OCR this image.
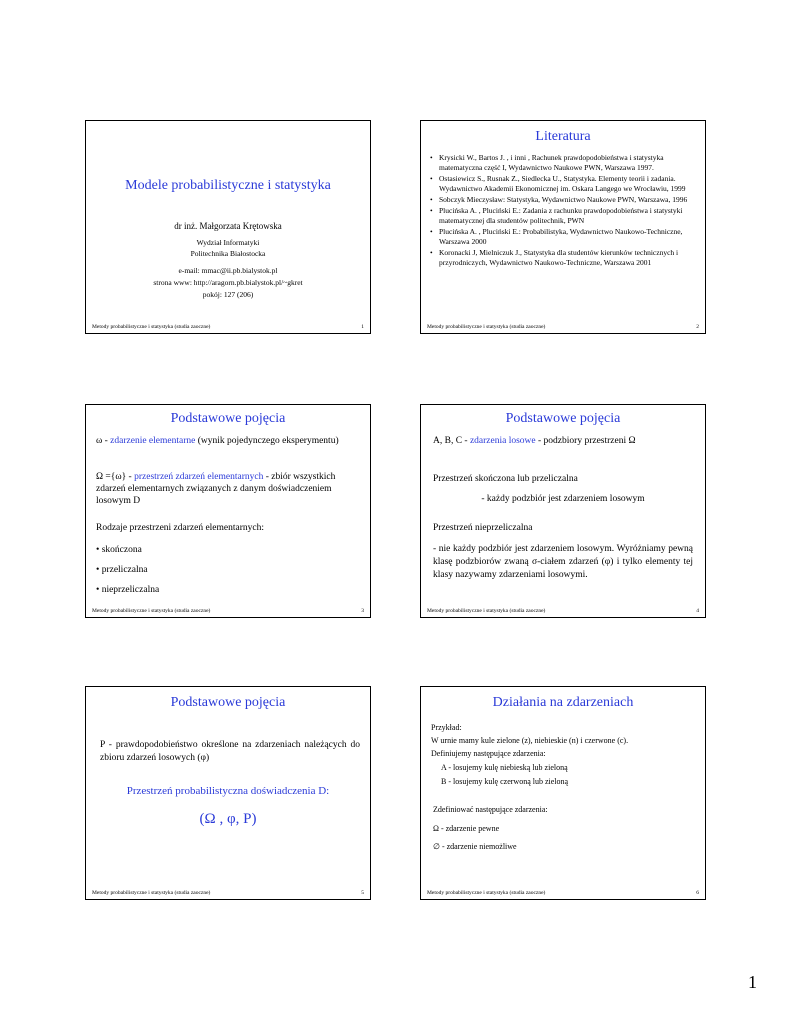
Modele probabilistyczne i statystyka
dr inż. Małgorzata Krętowska
Wydział Informatyki
Politechnika Białostocka
e-mail: mmac@ii.pb.bialystok.pl
strona www: http://aragorn.pb.bialystok.pl/~gkret
pokój: 127 (206)
Metody probabilistyczne i statystyka (studia zaoczne)	1
Literatura
• Krysicki W., Bartos J. , i inni , Rachunek prawdopodobieństwa i statystyka matematyczna część I, Wydawnictwo Naukowe PWN, Warszawa 1997.
• Ostasiewicz S., Rusnak Z., Siedlecka U., Statystyka. Elementy teorii i zadania. Wydawnictwo Akademii Ekonomicznej im. Oskara Langego we Wrocławiu, 1999
• Sobczyk Mieczysław: Statystyka, Wydawnictwo Naukowe PWN, Warszawa, 1996
• Plucińska A. , Pluciński E.: Zadania z rachunku prawdopodobieństwa i statystyki matematycznej dla studentów politechnik, PWN
• Plucińska A. , Pluciński E.: Probabilistyka, Wydawnictwo Naukowo-Techniczne, Warszawa 2000
• Koronacki J, Mielniczuk J., Statystyka dla studentów kierunków technicznych i przyrodniczych, Wydawnictwo Naukowo-Techniczne, Warszawa 2001
Metody probabilistyczne i statystyka (studia zaoczne)	2
Podstawowe pojęcia
ω - zdarzenie elementarne (wynik pojedynczego eksperymentu)
Ω ={ω} - przestrzeń zdarzeń elementarnych - zbiór wszystkich zdarzeń elementarnych związanych z danym doświadczeniem losowym D
Rodzaje przestrzeni zdarzeń elementarnych:
• skończona
• przeliczalna
• nieprzeliczalna
Metody probabilistyczne i statystyka (studia zaoczne)	3
Podstawowe pojęcia
A, B, C - zdarzenia losowe - podzbiory przestrzeni Ω
Przestrzeń skończona lub przeliczalna
- każdy podzbiór jest zdarzeniem losowym
Przestrzeń nieprzeliczalna
- nie każdy podzbiór jest zdarzeniem losowym. Wyróżniamy pewną klasę podzbiorów zwaną σ-ciałem zdarzeń (φ) i tylko elementy tej klasy nazywamy zdarzeniami losowymi.
Metody probabilistyczne i statystyka (studia zaoczne)	4
Podstawowe pojęcia
P - prawdopodobieństwo określone na zdarzeniach należących do zbioru zdarzeń losowych (φ)
Przestrzeń probabilistyczna doświadczenia D:
(Ω , φ, P)
Metody probabilistyczne i statystyka (studia zaoczne)	5
Działania na zdarzeniach
Przykład:
W urnie mamy kule zielone (z), niebieskie (n) i czerwone (c).
Definiujemy następujące zdarzenia:
A - losujemy kulę niebieską lub zieloną
B - losujemy kulę czerwoną lub zieloną
Zdefiniować następujące zdarzenia:
Ω - zdarzenie pewne
∅ - zdarzenie niemożliwe
Metody probabilistyczne i statystyka (studia zaoczne)	6
1
